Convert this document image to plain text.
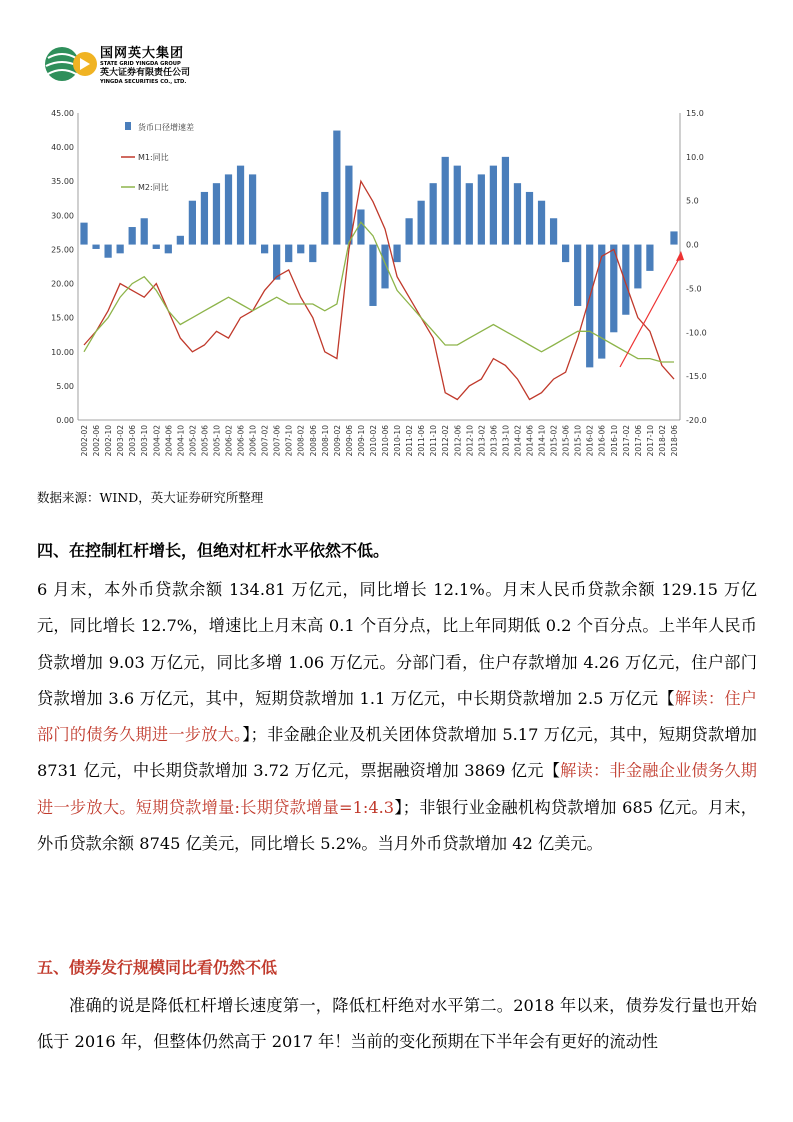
国网英大集团
STATE GRID YINGDA GROUP
英大证券有限责任公司
YINGDA SECURITIES CO., LTD.
0.00
5.00
10.00
15.00
20.00
25.00
30.00
35.00
40.00
45.00
-20.0
-15.0
-10.0
-5.0
0.0
5.0
10.0
15.0
2002-02 2002-06 2002-10 2003-02 2003-06 2003-10 2004-02 2004-06 2004-10 2005-02 2005-06 2005-10 2006-02 2006-06 2006-10 2007-02 2007-06 2007-10 2008-02 2008-06 2008-10 2009-02 2009-06 2009-10 2010-02 2010-06 2010-10 2011-02 2011-06 2011-10 2012-02 2012-06 2012-10 2013-02 2013-06 2013-10 2014-02 2014-06 2014-10 2015-02 2015-06 2015-10 2016-02 2016-06 2016-10 2017-02 2017-06 2017-10 2018-02 2018-06
货币口径增速差
M1:同比
M2:同比
数据来源：WIND，英大证券研究所整理
四、在控制杠杆增长，但绝对杠杆水平依然不低。
6 月末，本外币贷款余额 134.81 万亿元，同比增长 12.1%。月末人民币贷款余额 129.15 万亿元，同比增长 12.7%，增速比上月末高 0.1 个百分点，比上年同期低 0.2 个百分点。上半年人民币贷款增加 9.03 万亿元，同比多增 1.06 万亿元。分部门看，住户存款增加 4.26 万亿元，住户部门贷款增加 3.6 万亿元，其中，短期贷款增加 1.1 万亿元，中长期贷款增加 2.5 万亿元【解读：住户部门的债务久期进一步放大。】；非金融企业及机关团体贷款增加 5.17 万亿元，其中，短期贷款增加 8731 亿元，中长期贷款增加 3.72 万亿元，票据融资增加 3869 亿元【解读：非金融企业债务久期进一步放大。短期贷款增量:长期贷款增量=1:4.3】；非银行业金融机构贷款增加 685 亿元。月末，外币贷款余额 8745 亿美元，同比增长 5.2%。当月外币贷款增加 42 亿美元。
五、债券发行规模同比看仍然不低
准确的说是降低杠杆增长速度第一，降低杠杆绝对水平第二。2018 年以来，债券发行量也开始低于 2016 年，但整体仍然高于 2017 年！当前的变化预期在下半年会有更好的流动性
